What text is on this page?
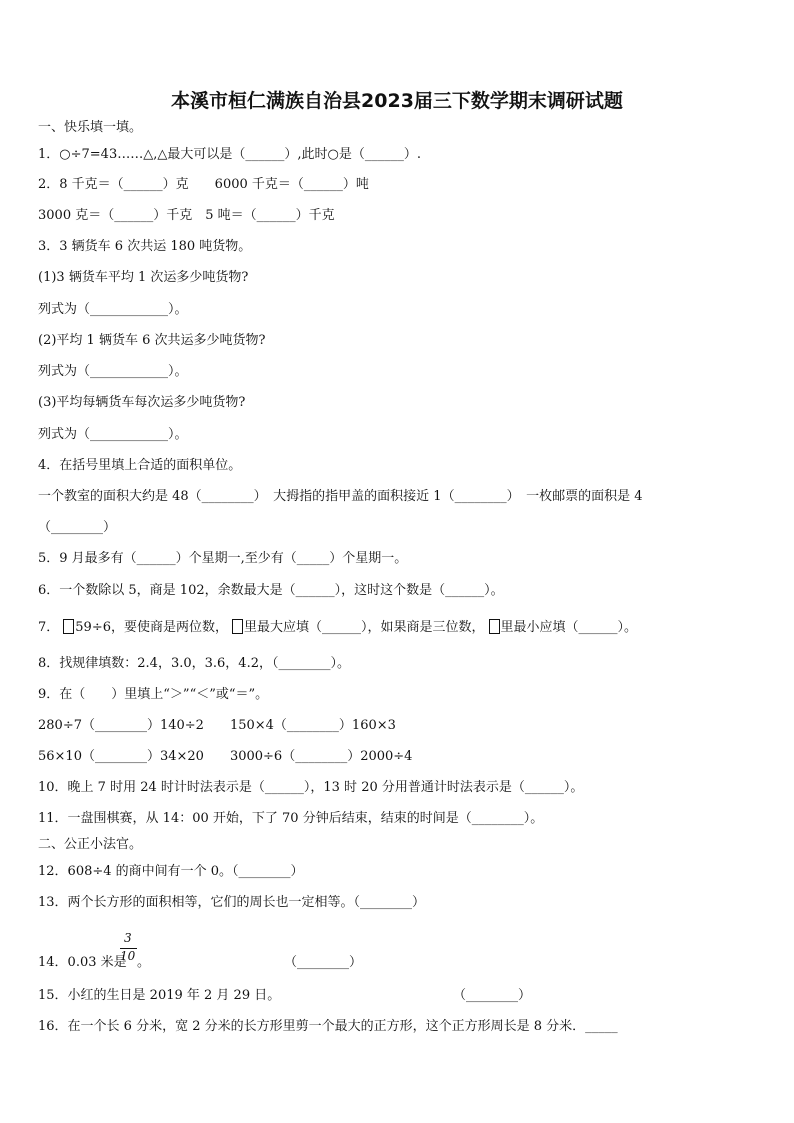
本溪市桓仁满族自治县2023届三下数学期末调研试题
一、快乐填一填。
1．○÷7=43……△,△最大可以是（______）,此时○是（______）.
2．8 千克＝（______）克　　6000 千克＝（______）吨
3000 克＝（______）千克　5 吨＝（______）千克
3．3 辆货车 6 次共运 180 吨货物。
(1)3 辆货车平均 1 次运多少吨货物?
列式为（____________）。
(2)平均 1 辆货车 6 次共运多少吨货物?
列式为（____________）。
(3)平均每辆货车每次运多少吨货物?
列式为（____________）。
4．在括号里填上合适的面积单位。
一个教室的面积大约是 48（________）　大拇指的指甲盖的面积接近 1（________）　一枚邮票的面积是 4
（________）
5．9 月最多有（______）个星期一,至少有（_____）个星期一。
6．一个数除以 5，商是 102，余数最大是（______），这时这个数是（______）。
7． 59÷6，要使商是两位数， 里最大应填（______），如果商是三位数， 里最小应填（______）。
8．找规律填数：2.4，3.0，3.6，4.2，（________）。
9．在（　　）里填上“＞”“＜”或“＝”。
280÷7（________）140÷2　　150×4（________）160×3
56×10（________）34×20　　3000÷6（________）2000÷4
10．晚上 7 时用 24 时计时法表示是（______），13 时 20 分用普通计时法表示是（______）。
11．一盘围棋赛，从 14：00 开始，下了 70 分钟后结束，结束的时间是（________）。
二、公正小法官。
12．608÷4 的商中间有一个 0。（________）
13．两个长方形的面积相等，它们的周长也一定相等。（________）
14．0.03 米是
3
10 。	（________）
15．小红的生日是 2019 年 2 月 29 日。	（________）
16．在一个长 6 分米，宽 2 分米的长方形里剪一个最大的正方形，这个正方形周长是 8 分米．_____
